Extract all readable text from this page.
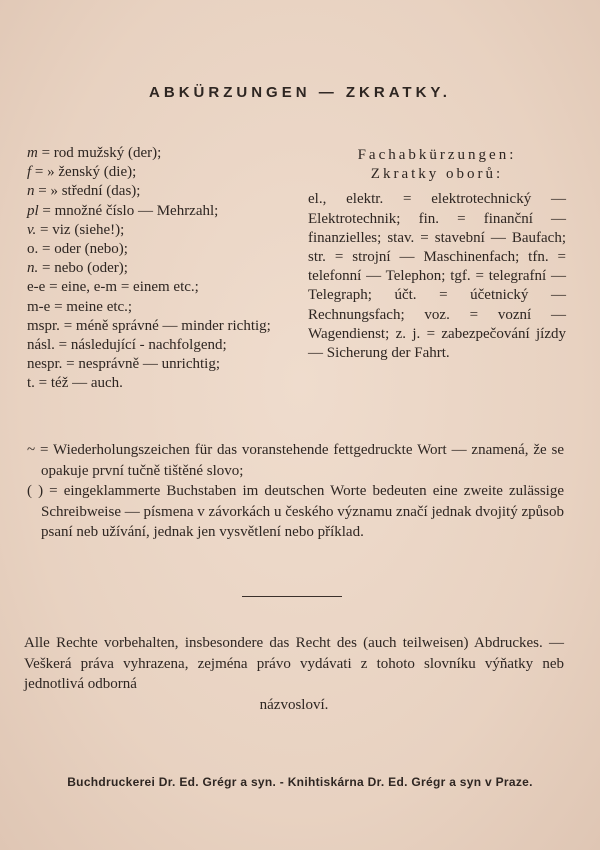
ABKÜRZUNGEN — ZKRATKY.
m = rod mužský (der);
f = » ženský (die);
n = » střední (das);
pl = množné číslo — Mehrzahl;
v. = viz (siehe!);
o. = oder (nebo);
n. = nebo (oder);
e-e = eine, e-m = einem etc.;
m-e = meine etc.;
mspr. = méně správné — minder richtig;
násl. = následující - nachfolgend;
nespr. = nesprávně — unrichtig;
t. = též — auch.
Fachabkürzungen:
Zkratky oborů:
el., elektr. = elektrotechnický — Elektrotechnik; fin. = finanční — finanzielles; stav. = stavební — Baufach; str. = strojní — Maschinenfach; tfn. = telefonní — Telephon; tgf. = telegrafní — Telegraph; účt. = účetnický — Rechnungsfach; voz. = vozní — Wagendienst; z. j. = zabezpečování jízdy — Sicherung der Fahrt.

~ = Wiederholungszeichen für das voranstehende fettgedruckte Wort — znamená, že se opakuje první tučně tištěné slovo;

( ) = eingeklammerte Buchstaben im deutschen Worte bedeuten eine zweite zulässige Schreibweise — písmena v závorkách u českého významu značí jednak dvojitý způsob psaní neb užívání, jednak jen vysvětlení nebo příklad.

Alle Rechte vorbehalten, insbesondere das Recht des (auch teilweisen) Abdruckes. — Veškerá práva vyhrazena, zejména právo vydávati z tohoto slovníku výňatky neb jednotlivá odborná
názvosloví.
Buchdruckerei Dr. Ed. Grégr a syn. - Knihtiskárna Dr. Ed. Grégr a syn v Praze.
